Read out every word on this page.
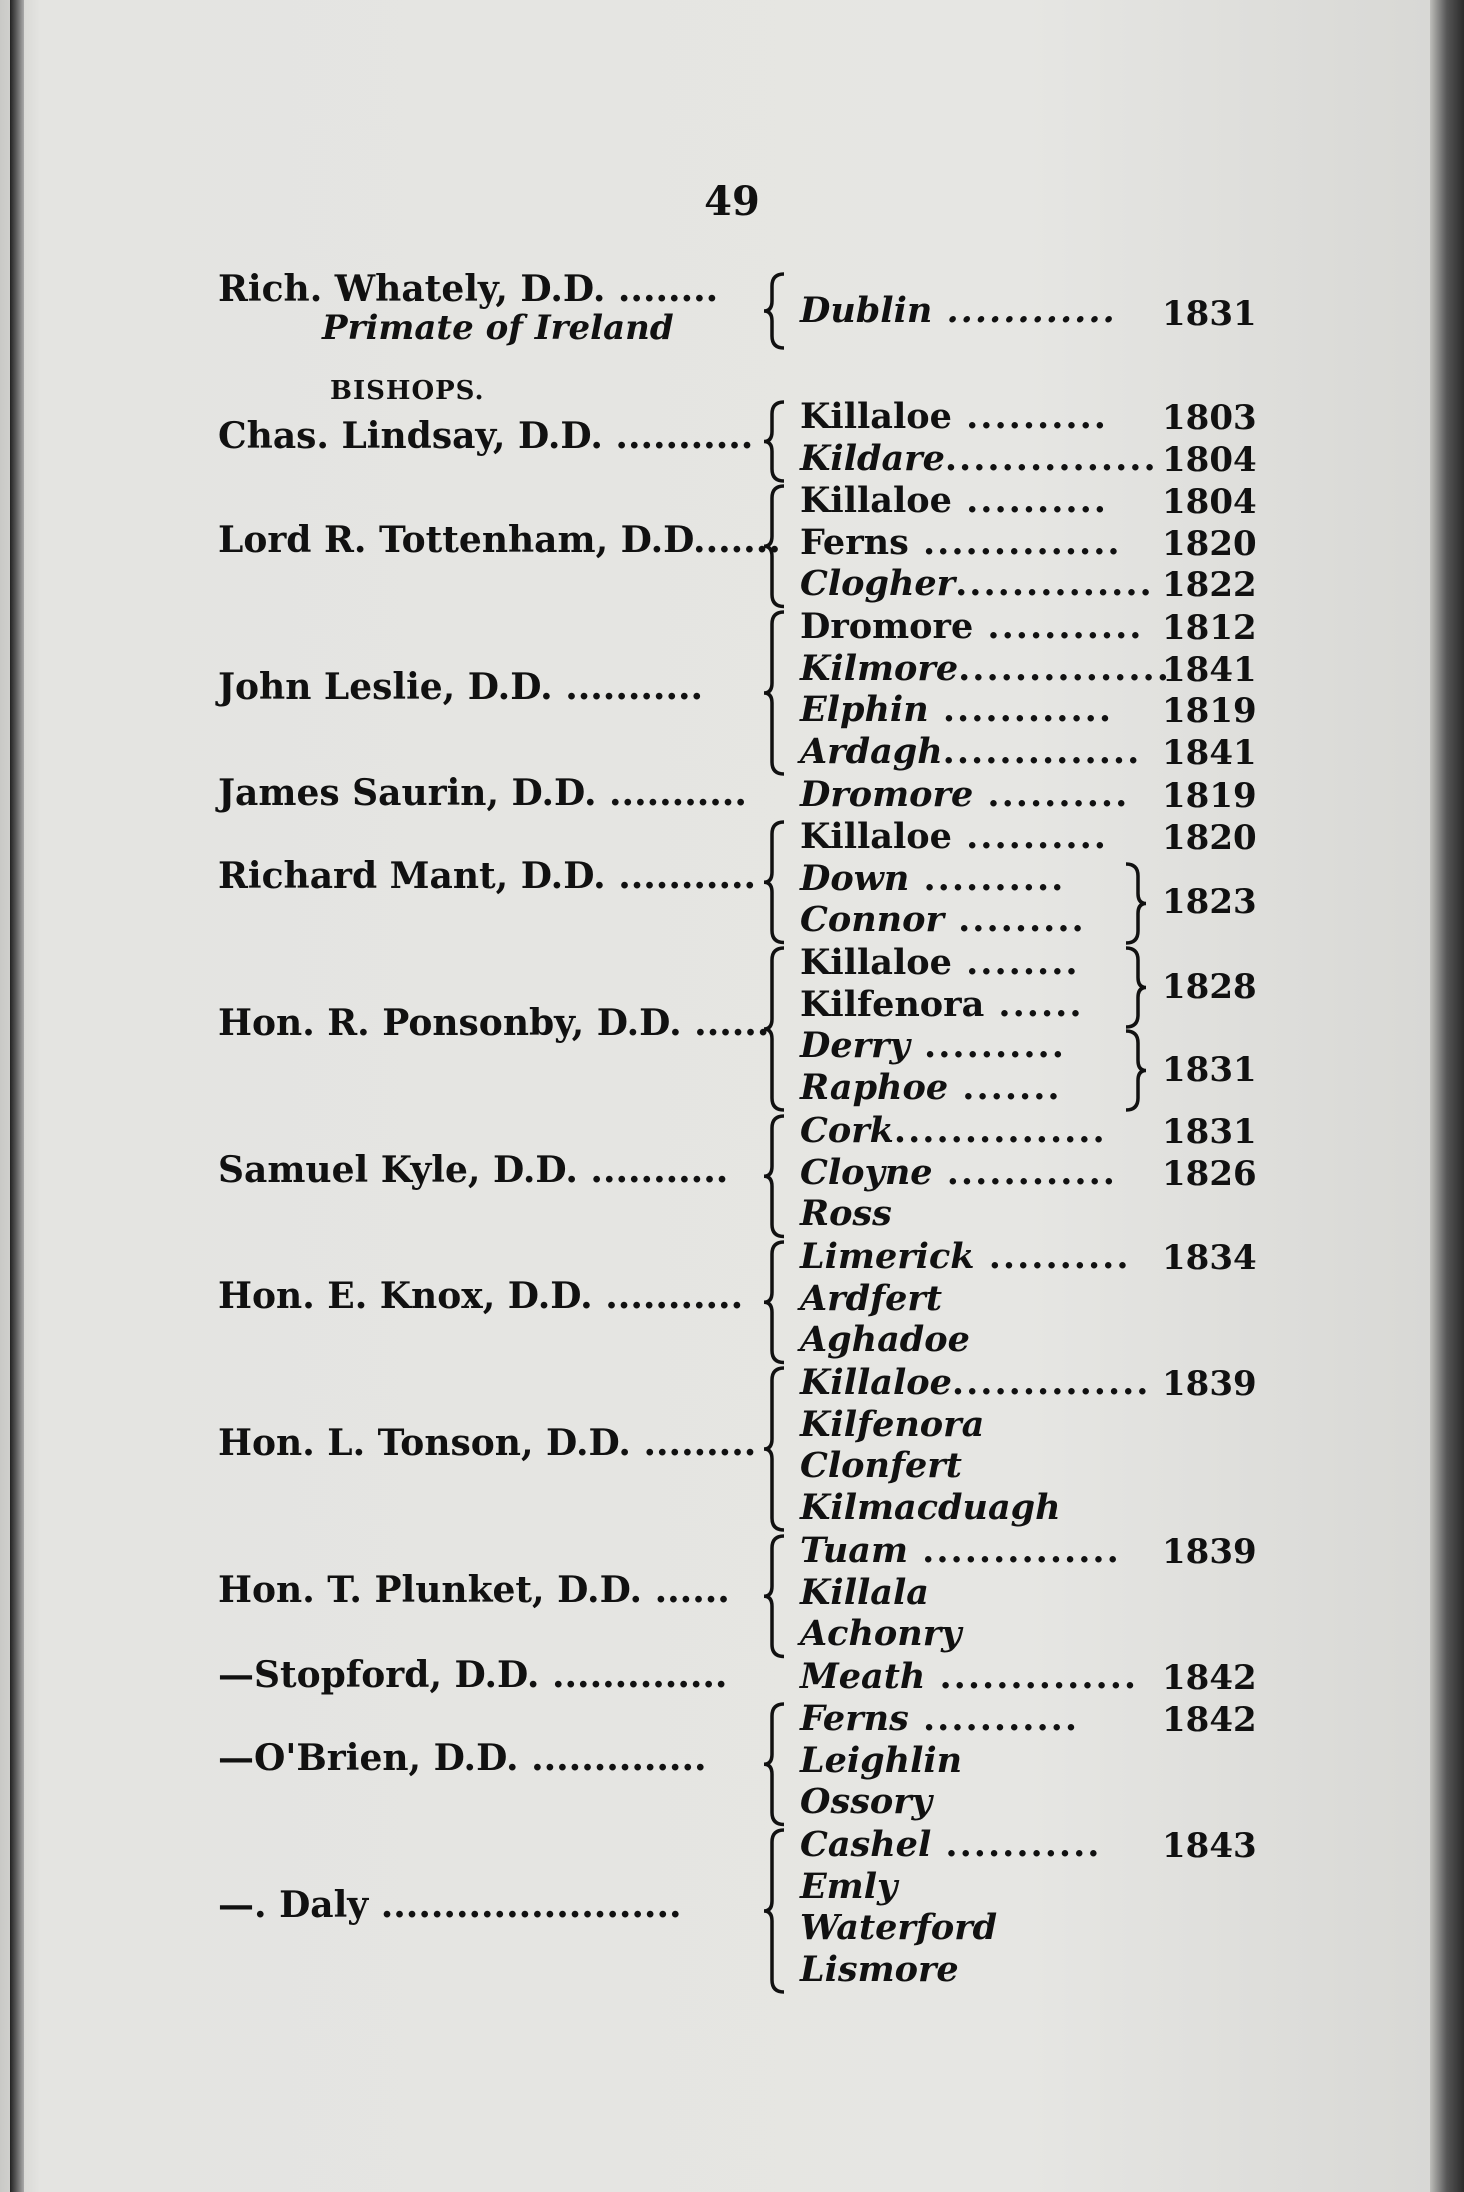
49
Rich. Whately, D.D. ........
Primate of Ireland	Dublin ............ 1831
BISHOPS.
Chas. Lindsay, D.D. ........... Killaloe .......... 1803
Kildare............... 1804
Lord R. Tottenham, D.D.......
Killaloe .......... 1804
Ferns .............. 1820
Clogher.............. 1822
John Leslie, D.D. ...........
Dromore ........... 1812
Kilmore...............
1841
Elphin ............ 1819
Ardagh.............. 1841
James Saurin, D.D. ........... Dromore .......... 1819
Richard Mant, D.D. ...........
Killaloe .......... 1820
Down ..........
Connor ......... 1823
Hon. R. Ponsonby, D.D. ......
Killaloe ........
Kilfenora ......
Derry ..........
Raphoe .......
1828
1831
Samuel Kyle, D.D. ...........
Cork............... 1831
Cloyne ............ 1826
Ross
Hon. E. Knox, D.D. ...........
Limerick .......... 1834
Ardfert
Aghadoe
Hon. L. Tonson, D.D. .........
Killaloe.............. 1839
Kilfenora
Clonfert
Kilmacduagh
Hon. T. Plunket, D.D. ......
Tuam .............. 1839
Killala
Achonry
—Stopford, D.D. .............. Meath .............. 1842
—O'Brien, D.D. ..............
Ferns ........... 1842
Leighlin
Ossory
—. Daly ........................
Cashel ........... 1843
Emly
Waterford
Lismore
